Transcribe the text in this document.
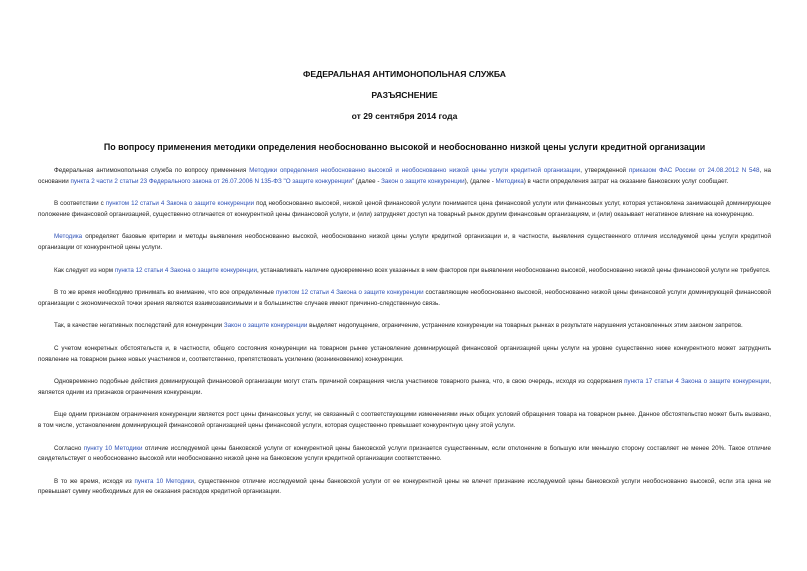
ФЕДЕРАЛЬНАЯ АНТИМОНОПОЛЬНАЯ СЛУЖБА
РАЗЪЯСНЕНИЕ
от 29 сентября 2014 года
По вопросу применения методики определения необоснованно высокой и необоснованно низкой цены услуги кредитной организации

Федеральная антимонопольная служба по вопросу применения Методики определения необоснованно высокой и необоснованно низкой цены услуги кредитной организации, утвержденной приказом ФАС России от 24.08.2012 N 548, на основании пункта 2 части 2 статьи 23 Федерального закона от 26.07.2006 N 135-ФЗ "О защите конкуренции" (далее - Закон о защите конкуренции), (далее - Методика) в части определения затрат на оказание банковских услуг сообщает.

В соответствии с пунктом 12 статьи 4 Закона о защите конкуренции под необоснованно высокой, низкой ценой финансовой услуги понимается цена финансовой услуги или финансовых услуг, которая установлена занимающей доминирующее положение финансовой организацией, существенно отличается от конкурентной цены финансовой услуги, и (или) затрудняет доступ на товарный рынок другим финансовым организациям, и (или) оказывает негативное влияние на конкуренцию.

Методика определяет базовые критерии и методы выявления необоснованно высокой, необоснованно низкой цены услуги кредитной организации и, в частности, выявления существенного отличия исследуемой цены услуги кредитной организации от конкурентной цены услуги.

Как следует из норм пункта 12 статьи 4 Закона о защите конкуренции, устанавливать наличие одновременно всех указанных в нем факторов при выявлении необоснованно высокой, необоснованно низкой цены финансовой услуги не требуется.

В то же время необходимо принимать во внимание, что все определенные пунктом 12 статьи 4 Закона о защите конкуренции составляющие необоснованно высокой, необоснованно низкой цены финансовой услуги доминирующей финансовой организации с экономической точки зрения являются взаимозависимыми и в большинстве случаев имеют причинно-следственную связь.

Так, в качестве негативных последствий для конкуренции Закон о защите конкуренции выделяет недопущение, ограничение, устранение конкуренции на товарных рынках в результате нарушения установленных этим законом запретов.

С учетом конкретных обстоятельств и, в частности, общего состояния конкуренции на товарном рынке установление доминирующей финансовой организацией цены услуги на уровне существенно ниже конкурентного может затруднить появление на товарном рынке новых участников и, соответственно, препятствовать усилению (возникновению) конкуренции.

Одновременно подобные действия доминирующей финансовой организации могут стать причиной сокращения числа участников товарного рынка, что, в свою очередь, исходя из содержания пункта 17 статьи 4 Закона о защите конкуренции, является одним из признаков ограничения конкуренции.

Еще одним признаком ограничения конкуренции является рост цены финансовых услуг, не связанный с соответствующими изменениями иных общих условий обращения товара на товарном рынке. Данное обстоятельство может быть вызвано, в том числе, установлением доминирующей финансовой организацией цены финансовой услуги, которая существенно превышает конкурентную цену этой услуги.

Согласно пункту 10 Методики отличие исследуемой цены банковской услуги от конкурентной цены банковской услуги признается существенным, если отклонение в большую или меньшую сторону составляет не менее 20%. Такое отличие свидетельствует о необоснованно высокой или необоснованно низкой цене на банковские услуги кредитной организации соответственно.

В то же время, исходя из пункта 10 Методики, существенное отличие исследуемой цены банковской услуги от ее конкурентной цены не влечет признание исследуемой цены банковской услуги необоснованно высокой, если эта цена не превышает сумму необходимых для ее оказания расходов кредитной организации.
